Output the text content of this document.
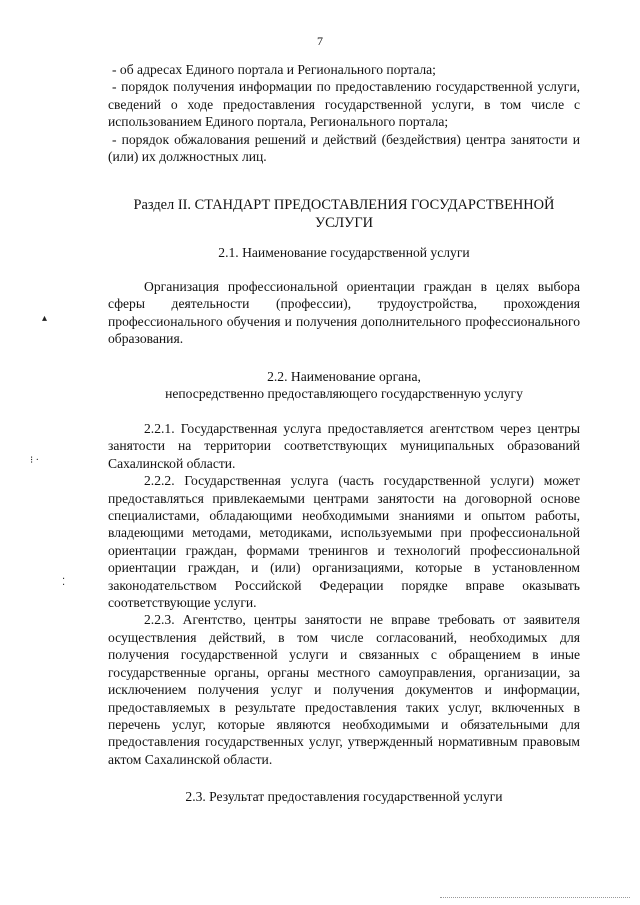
7

- об адресах Единого портала и Регионального портала;

- порядок получения информации по предоставлению государственной услуги, сведений о ходе предоставления государственной услуги, в том числе с использованием Единого портала, Регионального портала;

- порядок обжалования решений и действий (бездействия) центра занятости и (или) их должностных лиц.

Раздел II. СТАНДАРТ ПРЕДОСТАВЛЕНИЯ ГОСУДАРСТВЕННОЙ
УСЛУГИ
2.1. Наименование государственной услуги

Организация профессиональной ориентации граждан в целях выбора сферы деятельности (профессии), трудоустройства, прохождения профессионального обучения и получения дополнительного профессионального образования.

2.2. Наименование органа,
непосредственно предоставляющего государственную услугу

2.2.1. Государственная услуга предоставляется агентством через центры занятости на территории соответствующих муниципальных образований Сахалинской области.

2.2.2. Государственная услуга (часть государственной услуги) может предоставляться привлекаемыми центрами занятости на договорной основе специалистами, обладающими необходимыми знаниями и опытом работы, владеющими методами, методиками, используемыми при профессиональной ориентации граждан, формами тренингов и технологий профессиональной ориентации граждан, и (или) организациями, которые в установленном законодательством Российской Федерации порядке вправе оказывать соответствующие услуги.

2.2.3. Агентство, центры занятости не вправе требовать от заявителя осуществления действий, в том числе согласований, необходимых для получения государственной услуги и связанных с обращением в иные государственные органы, органы местного самоуправления, организации, за исключением получения услуг и получения документов и информации, предоставляемых в результате предоставления таких услуг, включенных в перечень услуг, которые являются необходимыми и обязательными для предоставления государственных услуг, утвержденный нормативным правовым актом Сахалинской области.

2.3. Результат предоставления государственной услуги
▴
⁝ ·
⁚
